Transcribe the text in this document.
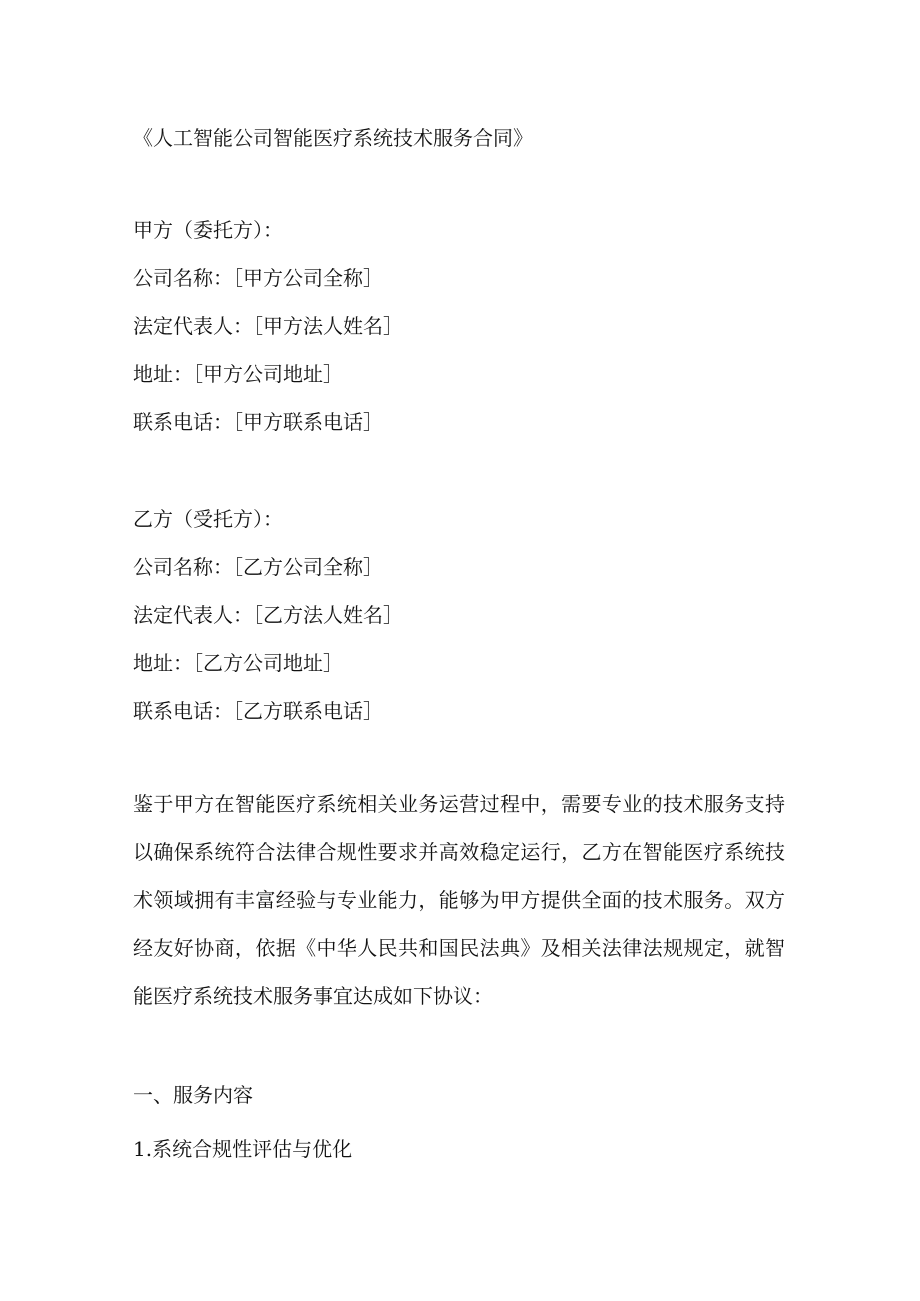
《人工智能公司智能医疗系统技术服务合同》
甲方（委托方）：
公司名称：［甲方公司全称］
法定代表人：［甲方法人姓名］
地址：［甲方公司地址］
联系电话：［甲方联系电话］
乙方（受托方）：
公司名称：［乙方公司全称］
法定代表人：［乙方法人姓名］
地址：［乙方公司地址］
联系电话：［乙方联系电话］
鉴于甲方在智能医疗系统相关业务运营过程中，需要专业的技术服务支持以确保系统符合法律合规性要求并高效稳定运行，乙方在智能医疗系统技术领域拥有丰富经验与专业能力，能够为甲方提供全面的技术服务。双方经友好协商，依据《中华人民共和国民法典》及相关法律法规规定，就智能医疗系统技术服务事宜达成如下协议：
一、服务内容
1.系统合规性评估与优化
